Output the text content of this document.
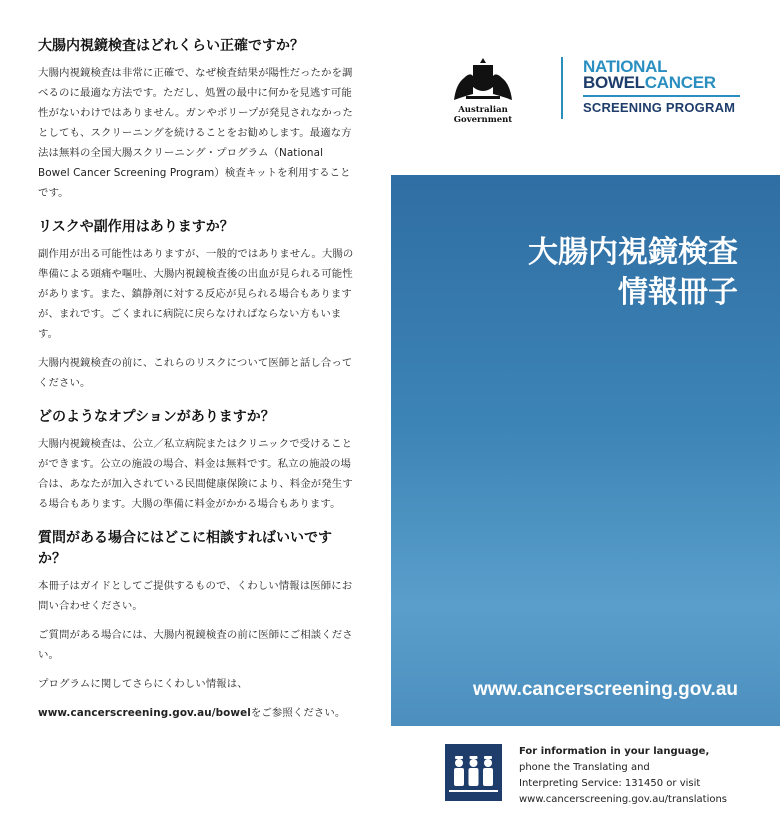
大腸内視鏡検査はどれくらい正確ですか？

大腸内視鏡検査は非常に正確で、なぜ検査結果が陽性だったかを調べるのに最適な方法です。ただし、処置の最中に何かを見逃す可能性がないわけではありません。ガンやポリープが発見されなかったとしても、スクリーニングを続けることをお勧めします。最適な方法は無料の全国大腸スクリーニング・プログラム（National Bowel Cancer Screening Program）検査キットを利用することです。

リスクや副作用はありますか？

副作用が出る可能性はありますが、一般的ではありません。大腸の準備による頭痛や嘔吐、大腸内視鏡検査後の出血が見られる可能性があります。また、鎮静剤に対する反応が見られる場合もありますが、まれです。ごくまれに病院に戻らなければならない方もいます。

大腸内視鏡検査の前に、これらのリスクについて医師と話し合ってください。

どのようなオプションがありますか？

大腸内視鏡検査は、公立／私立病院またはクリニックで受けることができます。公立の施設の場合、料金は無料です。私立の施設の場合は、あなたが加入されている民間健康保険により、料金が発生する場合もあります。大腸の準備に料金がかかる場合もあります。

質問がある場合にはどこに相談すればいいですか？

本冊子はガイドとしてご提供するもので、くわしい情報は医師にお問い合わせください。

ご質問がある場合には、大腸内視鏡検査の前に医師にご相談ください。

プログラムに関してさらにくわしい情報は、

www.cancerscreening.gov.au/bowelをご参照ください。

Australian Government
NATIONAL
BOWELCANCER
SCREENING PROGRAM
大腸内視鏡検査
情報冊子
www.cancerscreening.gov.au
For information in your language,
phone the Translating and
Interpreting Service: 131450 or visit
www.cancerscreening.gov.au/translations
